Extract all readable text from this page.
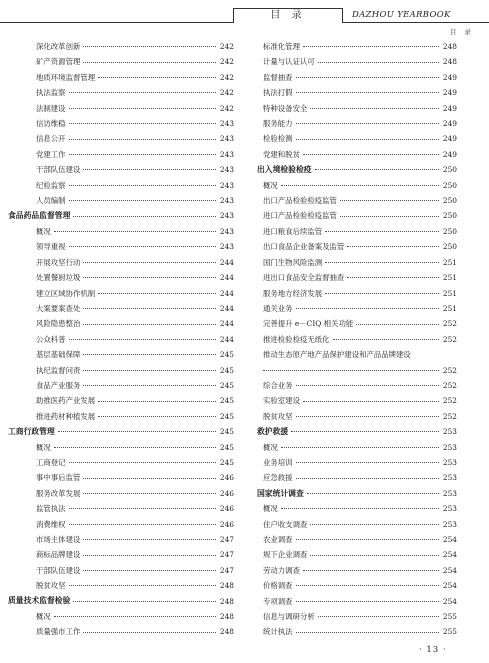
目 录	DAZHOU YEARBOOK
目 录
深化改革创新	242
矿产资源管理	242
地质环境监督管理	242
执法监察	242
法制建设	242
信访维稳	243
信息公开	243
党建工作	243
干部队伍建设	243
纪检监察	243
人员编制	243
食品药品监督管理	243
概况	243
领导重视	243
开展攻坚行动	244
处置餐厨垃圾	244
建立区域协作机制	244
大案要案查处	244
风险隐患整治	244
公众科普	244
基层基础保障	245
执纪监督问责	245
食品产业服务	245
助推医药产业发展	245
推进药材种植发展	245
工商行政管理	245
概况	245
工商登记	245
事中事后监管	246
服务改革发展	246
监管执法	246
消费维权	246
市场主体建设	247
商标品牌建设	247
干部队伍建设	247
脱贫攻坚	248
质量技术监督检验	248
概况	248
质量强市工作	248
标准化管理	248
计量与认证认可	248
监督抽查	249
执法打假	249
特种设备安全	249
服务能力	249
检验检测	249
党建和脱贫	249
出入境检验检疫	250
概况	250
出口产品检验检疫监管	250
进口产品检验检疫监管	250
进口粮食后续监管	250
出口食品企业备案及监管	250
国门生物风险监测	251
进出口食品安全监督抽查	251
服务地方经济发展	251
通关业务	251
完善提升 e－CIQ 相关功能	252
推进检验检疫无纸化	252
推动生态原产地产品保护建设和产品品牌建设
252
综合业务	252
实验室建设	252
脱贫攻坚	252
救护救援	253
概况	253
业务培训	253
应急救援	253
国家统计调查	253
概况	253
住户收支调查	253
农业调查	254
规下企业调查	254
劳动力调查	254
价格调查	254
专项调查	254
信息与调研分析	255
统计执法	255
· 13 ·
